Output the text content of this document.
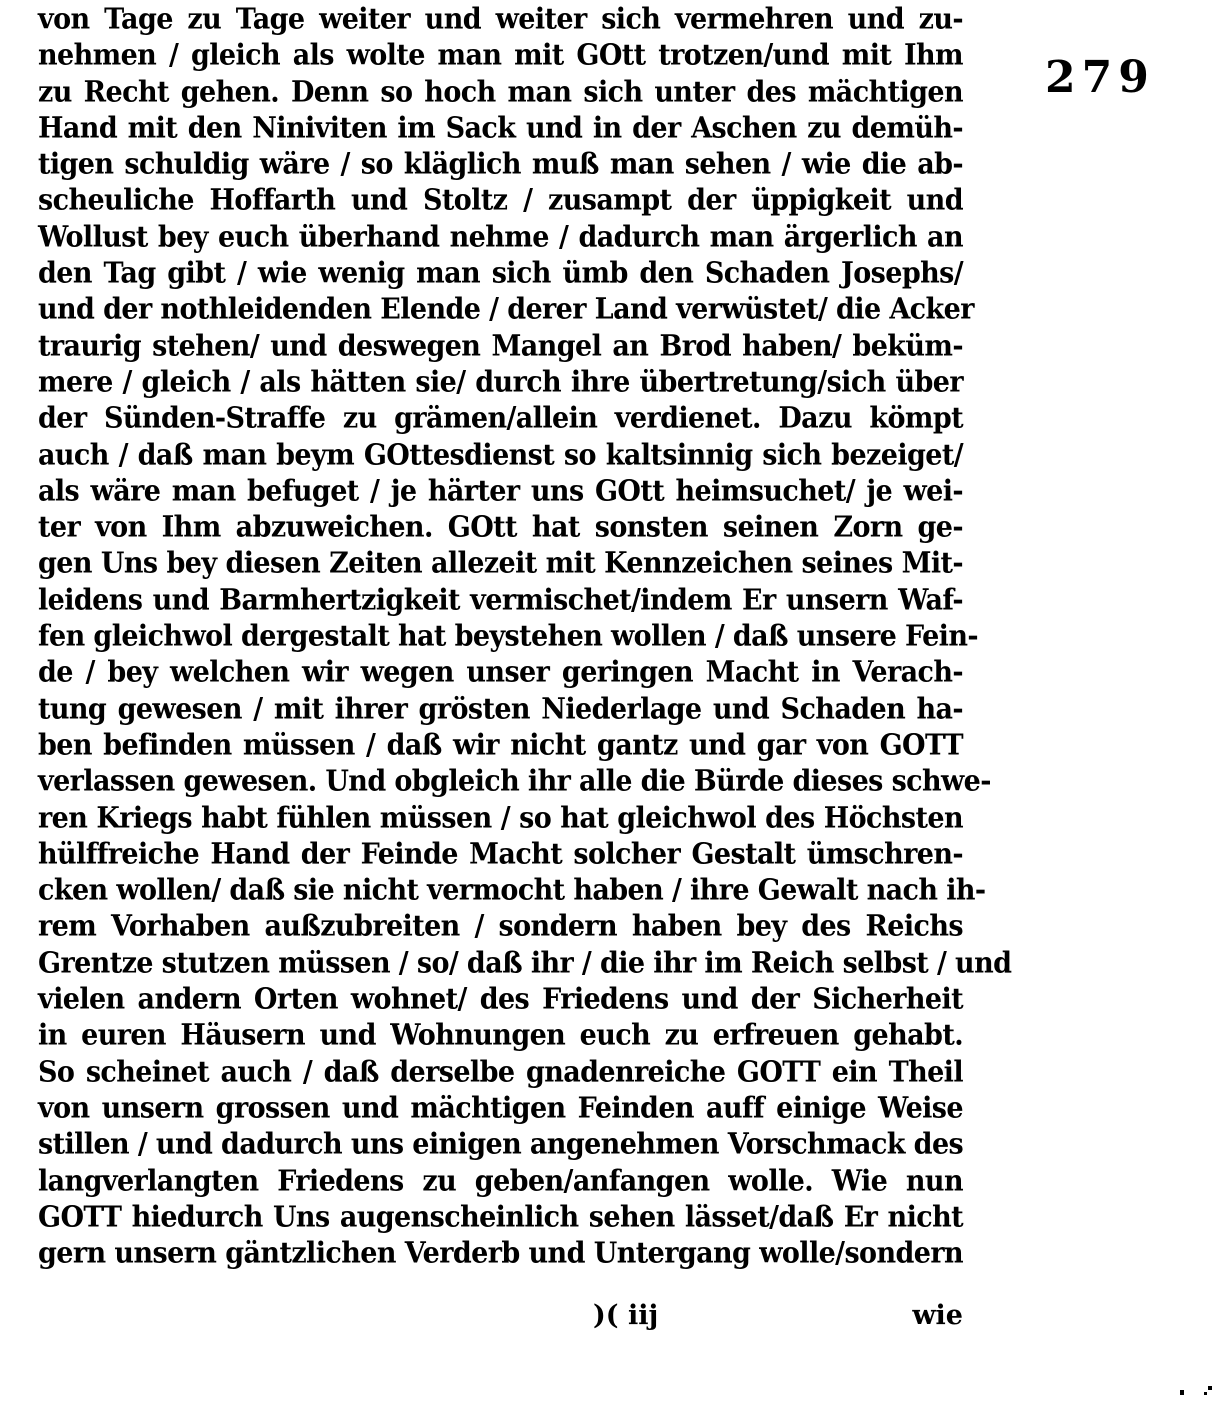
279
von Tage zu Tage weiter und weiter sich vermehren und zu-
nehmen / gleich als wolte man mit GOtt trotzen/und mit Ihm
zu Recht gehen. Denn so hoch man sich unter des mächtigen
Hand mit den Niniviten im Sack und in der Aschen zu demüh-
tigen schuldig wäre / so kläglich muß man sehen / wie die ab-
scheuliche Hoffarth und Stoltz / zusampt der üppigkeit und
Wollust bey euch überhand nehme / dadurch man ärgerlich an
den Tag gibt / wie wenig man sich ümb den Schaden Josephs/
und der nothleidenden Elende / derer Land verwüstet/ die Acker
traurig stehen/ und deswegen Mangel an Brod haben/ beküm-
mere / gleich / als hätten sie/ durch ihre übertretung/sich über
der Sünden-Straffe zu grämen/allein verdienet. Dazu kömpt
auch / daß man beym GOttesdienst so kaltsinnig sich bezeiget/
als wäre man befuget / je härter uns GOtt heimsuchet/ je wei-
ter von Ihm abzuweichen. GOtt hat sonsten seinen Zorn ge-
gen Uns bey diesen Zeiten allezeit mit Kennzeichen seines Mit-
leidens und Barmhertzigkeit vermischet/indem Er unsern Waf-
fen gleichwol dergestalt hat beystehen wollen / daß unsere Fein-
de / bey welchen wir wegen unser geringen Macht in Verach-
tung gewesen / mit ihrer grösten Niederlage und Schaden ha-
ben befinden müssen / daß wir nicht gantz und gar von GOTT
verlassen gewesen. Und obgleich ihr alle die Bürde dieses schwe-
ren Kriegs habt fühlen müssen / so hat gleichwol des Höchsten
hülffreiche Hand der Feinde Macht solcher Gestalt ümschren-
cken wollen/ daß sie nicht vermocht haben / ihre Gewalt nach ih-
rem Vorhaben außzubreiten / sondern haben bey des Reichs
Grentze stutzen müssen / so/ daß ihr / die ihr im Reich selbst / und
vielen andern Orten wohnet/ des Friedens und der Sicherheit
in euren Häusern und Wohnungen euch zu erfreuen gehabt.
So scheinet auch / daß derselbe gnadenreiche GOTT ein Theil
von unsern grossen und mächtigen Feinden auff einige Weise
stillen / und dadurch uns einigen angenehmen Vorschmack des
langverlangten Friedens zu geben/anfangen wolle. Wie nun
GOTT hiedurch Uns augenscheinlich sehen lässet/daß Er nicht
gern unsern gäntzlichen Verderb und Untergang wolle/sondern
)( iij	wie
